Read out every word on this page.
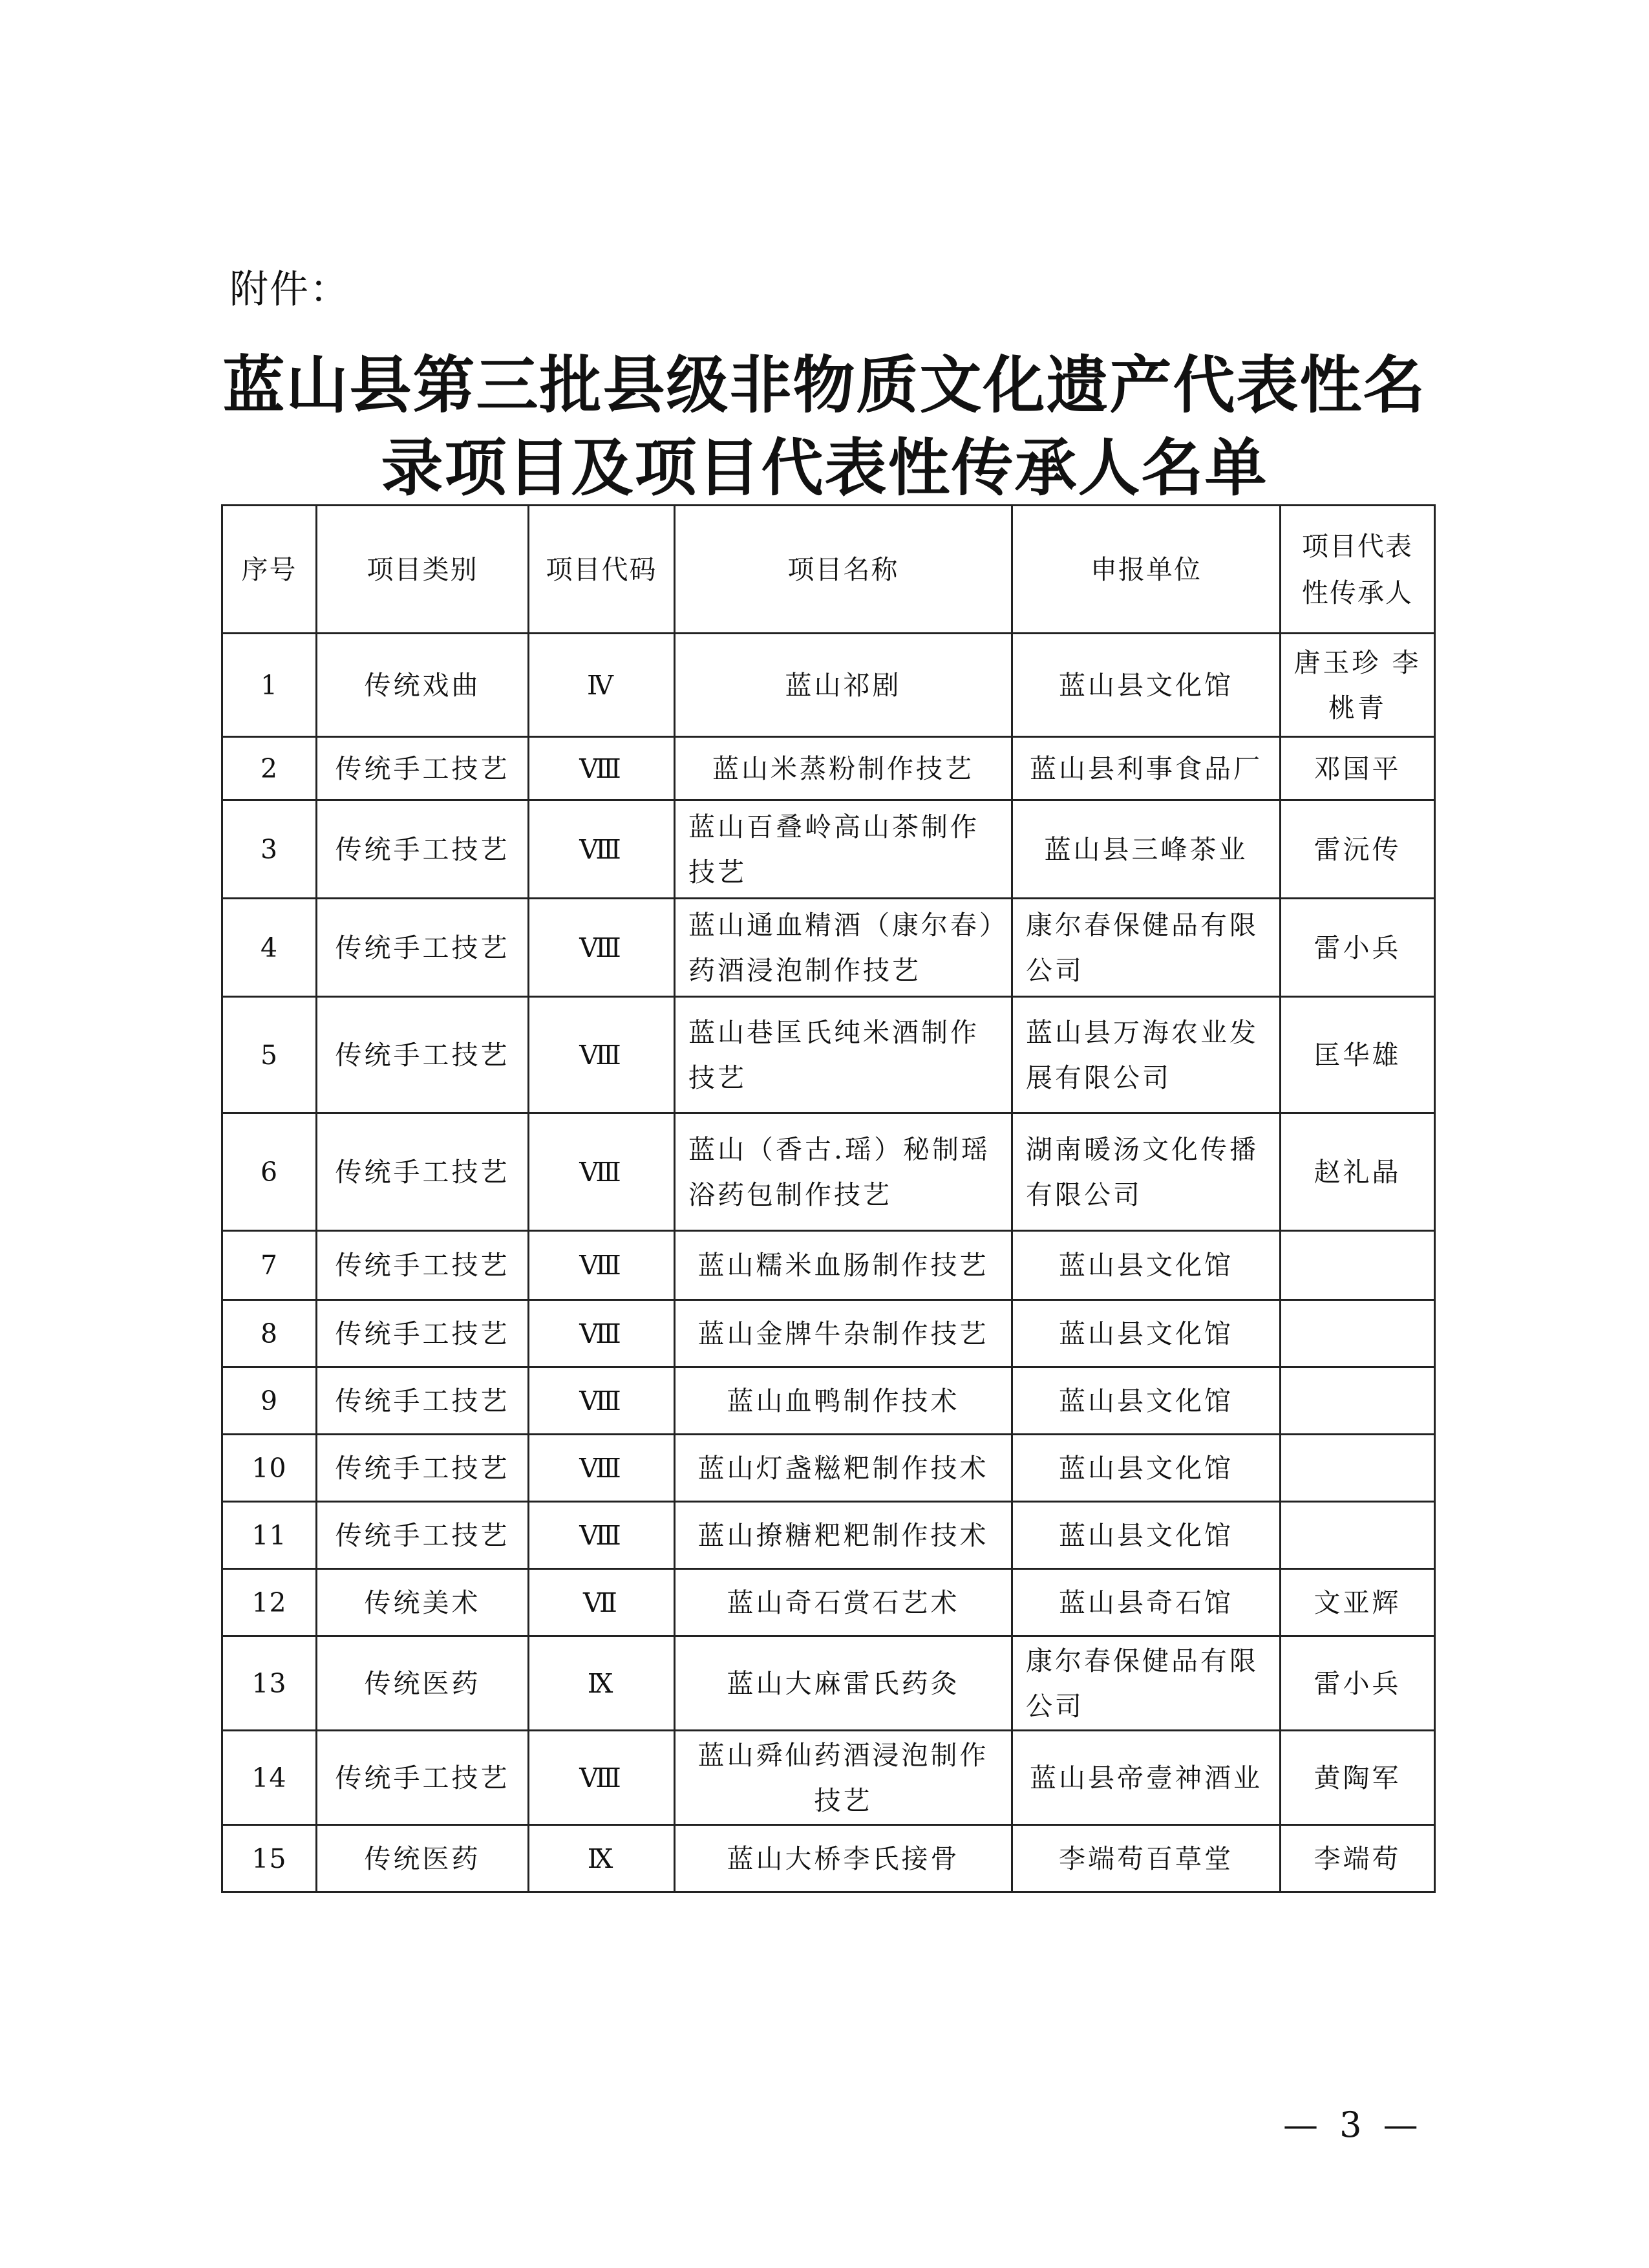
附件：
蓝山县第三批县级非物质文化遗产代表性名
录项目及项目代表性传承人名单
序号	项目类别	项目代码	项目名称	申报单位	项目代表性传承人
1	传统戏曲	Ⅳ	蓝山祁剧	蓝山县文化馆	唐玉珍 李桃青
2	传统手工技艺	Ⅷ	蓝山米蒸粉制作技艺	蓝山县利事食品厂	邓国平
3	传统手工技艺	Ⅷ	蓝山百叠岭高山茶制作技艺	蓝山县三峰茶业	雷沅传
4	传统手工技艺	Ⅷ	蓝山通血精酒（康尔春）药酒浸泡制作技艺	康尔春保健品有限公司	雷小兵
5	传统手工技艺	Ⅷ	蓝山巷匡氏纯米酒制作技艺	蓝山县万海农业发展有限公司	匡华雄
6	传统手工技艺	Ⅷ	蓝山（香古.瑶）秘制瑶浴药包制作技艺	湖南暖汤文化传播有限公司	赵礼晶
7	传统手工技艺	Ⅷ	蓝山糯米血肠制作技艺	蓝山县文化馆	
8	传统手工技艺	Ⅷ	蓝山金牌牛杂制作技艺	蓝山县文化馆	
9	传统手工技艺	Ⅷ	蓝山血鸭制作技术	蓝山县文化馆	
10	传统手工技艺	Ⅷ	蓝山灯盏糍粑制作技术	蓝山县文化馆	
11	传统手工技艺	Ⅷ	蓝山撩糖粑粑制作技术	蓝山县文化馆	
12	传统美术	Ⅶ	蓝山奇石赏石艺术	蓝山县奇石馆	文亚辉
13	传统医药	Ⅸ	蓝山大麻雷氏药灸	康尔春保健品有限公司	雷小兵
14	传统手工技艺	Ⅷ	蓝山舜仙药酒浸泡制作技艺	蓝山县帝壹神酒业	黄陶军
15	传统医药	Ⅸ	蓝山大桥李氏接骨	李端苟百草堂	李端苟
— 3 —
